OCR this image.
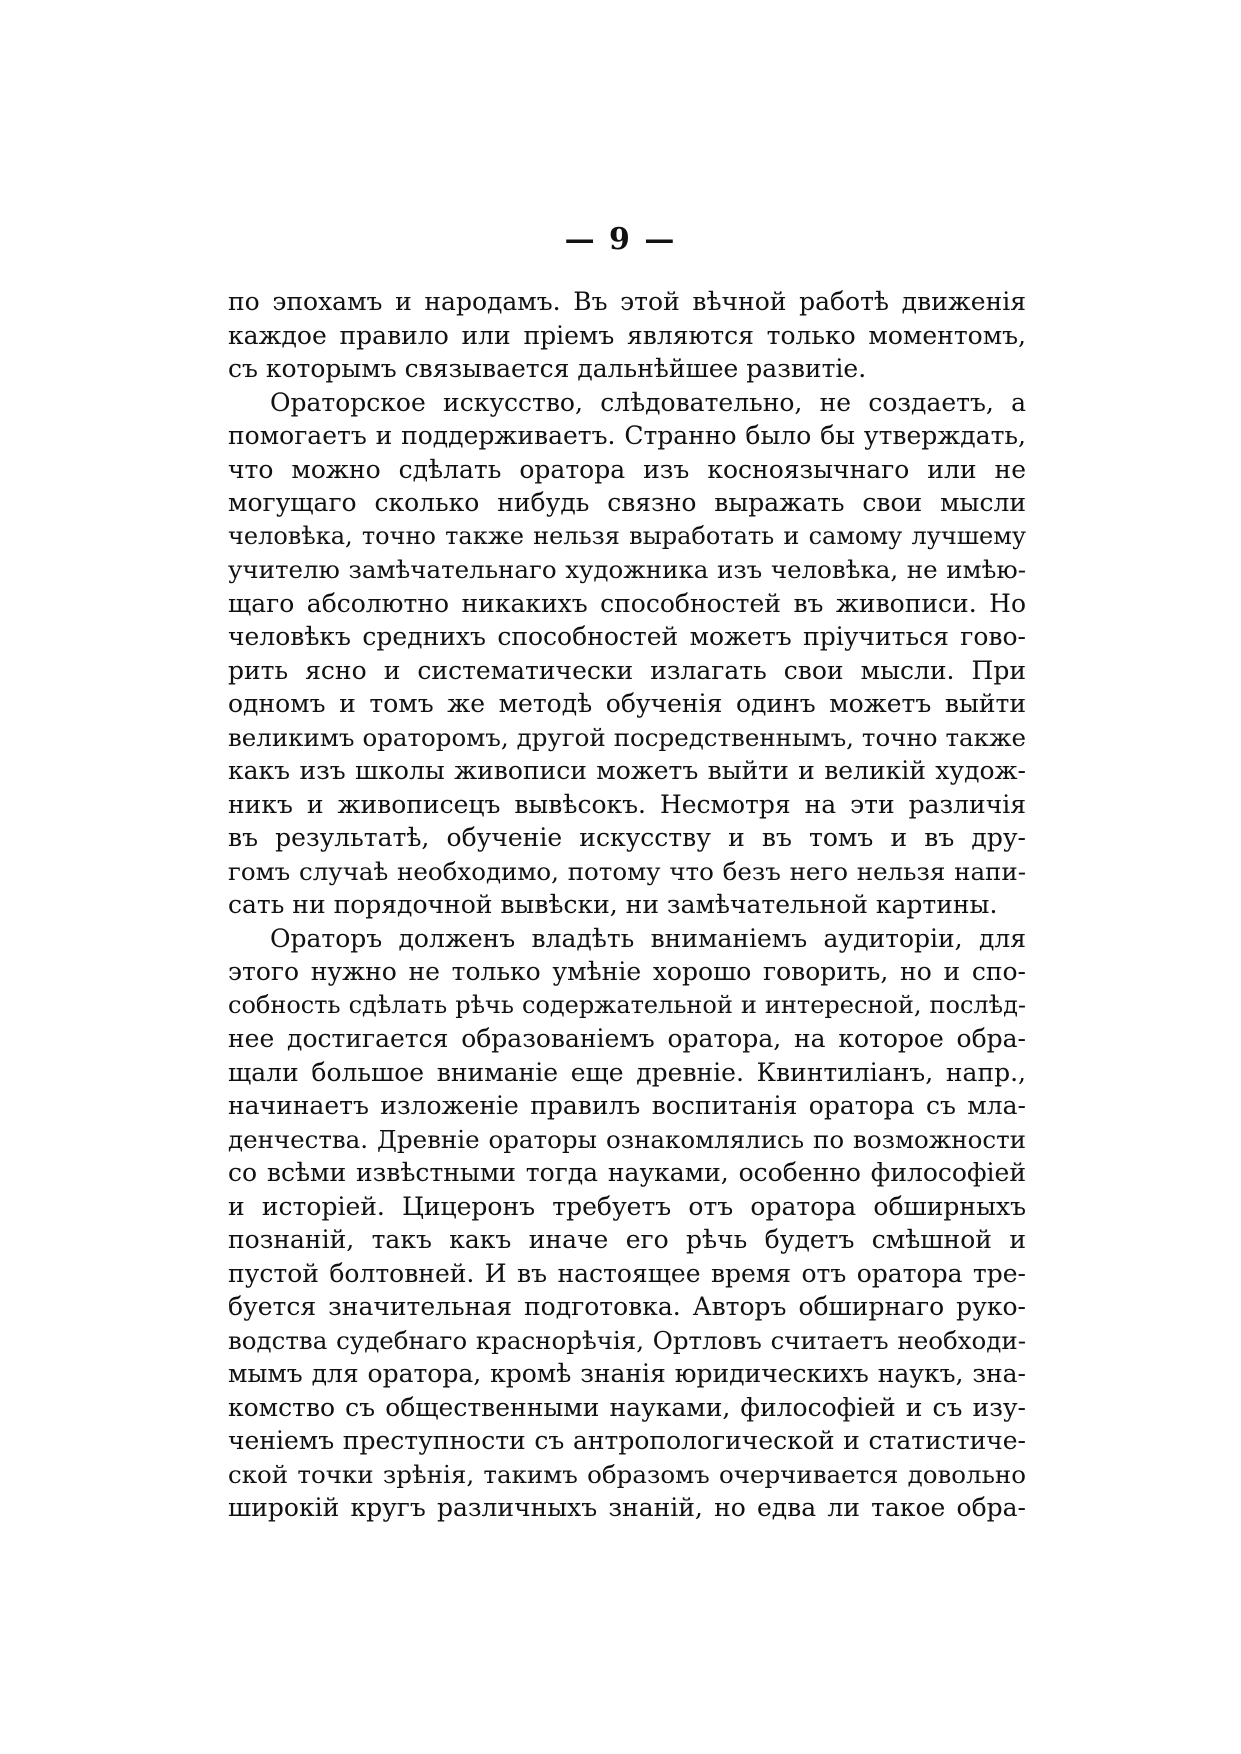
— 9 —
по эпохамъ и народамъ. Въ этой вѣчной работѣ движенія
каждое правило или пріемъ являются только моментомъ,
съ которымъ связывается дальнѣйшее развитіе.
Ораторское искусство, слѣдовательно, не создаетъ, а
помогаетъ и поддерживаетъ. Странно было бы утверждать,
что можно сдѣлать оратора изъ косноязычнаго или не
могущаго сколько нибудь связно выражать свои мысли
человѣка, точно также нельзя выработать и самому лучшему
учителю замѣчательнаго художника изъ человѣка, не имѣю-
щаго абсолютно никакихъ способностей въ живописи. Но
человѣкъ среднихъ способностей можетъ пріучиться гово-
рить ясно и систематически излагать свои мысли. При
одномъ и томъ же методѣ обученія одинъ можетъ выйти
великимъ ораторомъ, другой посредственнымъ, точно также
какъ изъ школы живописи можетъ выйти и великій худож-
никъ и живописецъ вывѣсокъ. Несмотря на эти различія
въ результатѣ, обученіе искусству и въ томъ и въ дру-
гомъ случаѣ необходимо, потому что безъ него нельзя напи-
сать ни порядочной вывѣски, ни замѣчательной картины.
Ораторъ долженъ владѣть вниманіемъ аудиторіи, для
этого нужно не только умѣніе хорошо говорить, но и спо-
собность сдѣлать рѣчь содержательной и интересной, послѣд-
нее достигается образованіемъ оратора, на которое обра-
щали большое вниманіе еще древніе. Квинтиліанъ, напр.,
начинаетъ изложеніе правилъ воспитанія оратора съ мла-
денчества. Древніе ораторы ознакомлялись по возможности
со всѣми извѣстными тогда науками, особенно философіей
и исторіей. Цицеронъ требуетъ отъ оратора обширныхъ
познаній, такъ какъ иначе его рѣчь будетъ смѣшной и
пустой болтовней. И въ настоящее время отъ оратора тре-
буется значительная подготовка. Авторъ обширнаго руко-
водства судебнаго краснорѣчія, Ортловъ считаетъ необходи-
мымъ для оратора, кромѣ знанія юридическихъ наукъ, зна-
комство съ общественными науками, философіей и съ изу-
ченіемъ преступности съ антропологической и статистиче-
ской точки зрѣнія, такимъ образомъ очерчивается довольно
широкій кругъ различныхъ знаній, но едва ли такое обра-
